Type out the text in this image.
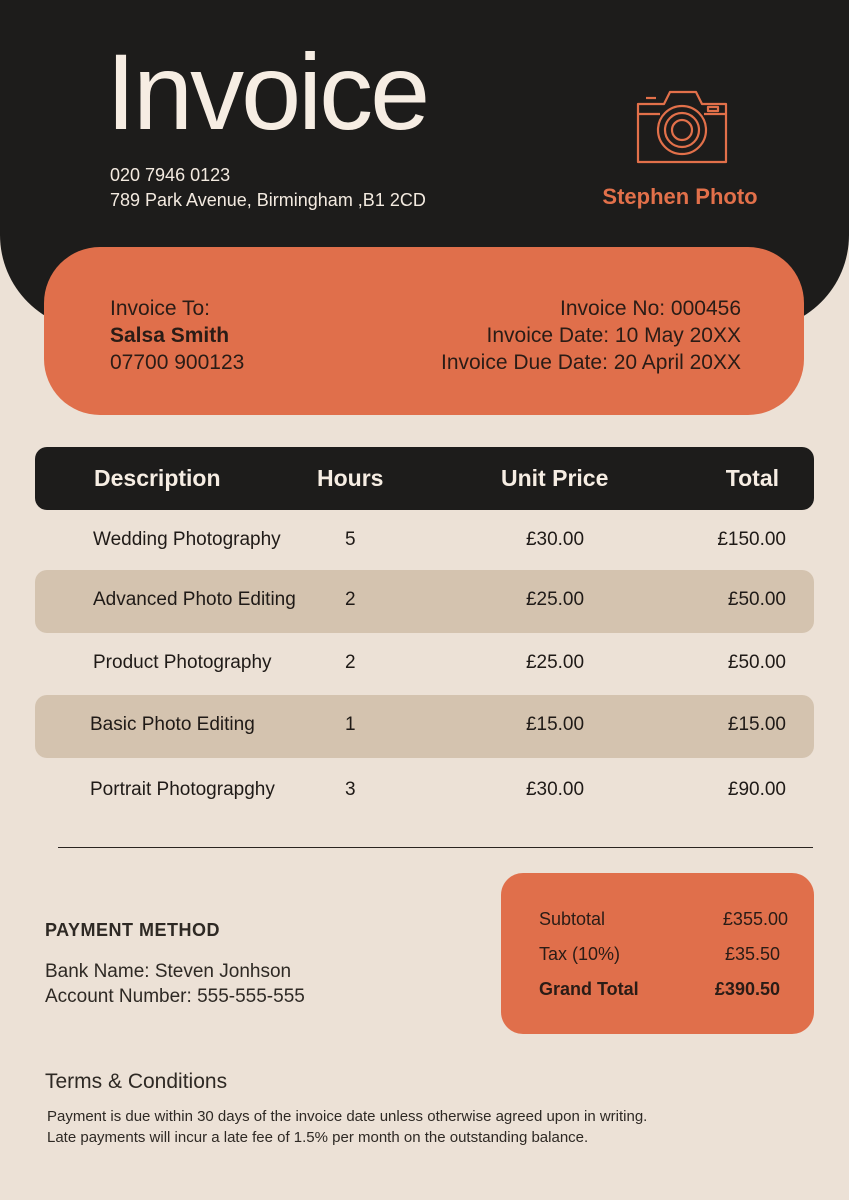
Invoice
020 7946 0123
789 Park Avenue, Birmingham ,B1 2CD	Stephen Photo
Invoice To:
Salsa Smith
07700 900123
Invoice No: 000456
Invoice Date: 10 May 20XX
Invoice Due Date: 20 April 20XX
Description	Hours	Unit Price	Total
Wedding Photography	5	£30.00	£150.00
Advanced Photo Editing	2	£25.00	£50.00
Product Photography	2	£25.00	£50.00
Basic Photo Editing	1	£15.00	£15.00
Portrait Photograpghy	3	£30.00	£90.00
PAYMENT METHOD
Bank Name: Steven Jonhson
Account Number: 555-555-555
Subtotal	£355.00
Tax (10%)	£35.50
Grand Total	£390.50
Terms & Conditions
Payment is due within 30 days of the invoice date unless otherwise agreed upon in writing.
Late payments will incur a late fee of 1.5% per month on the outstanding balance.
